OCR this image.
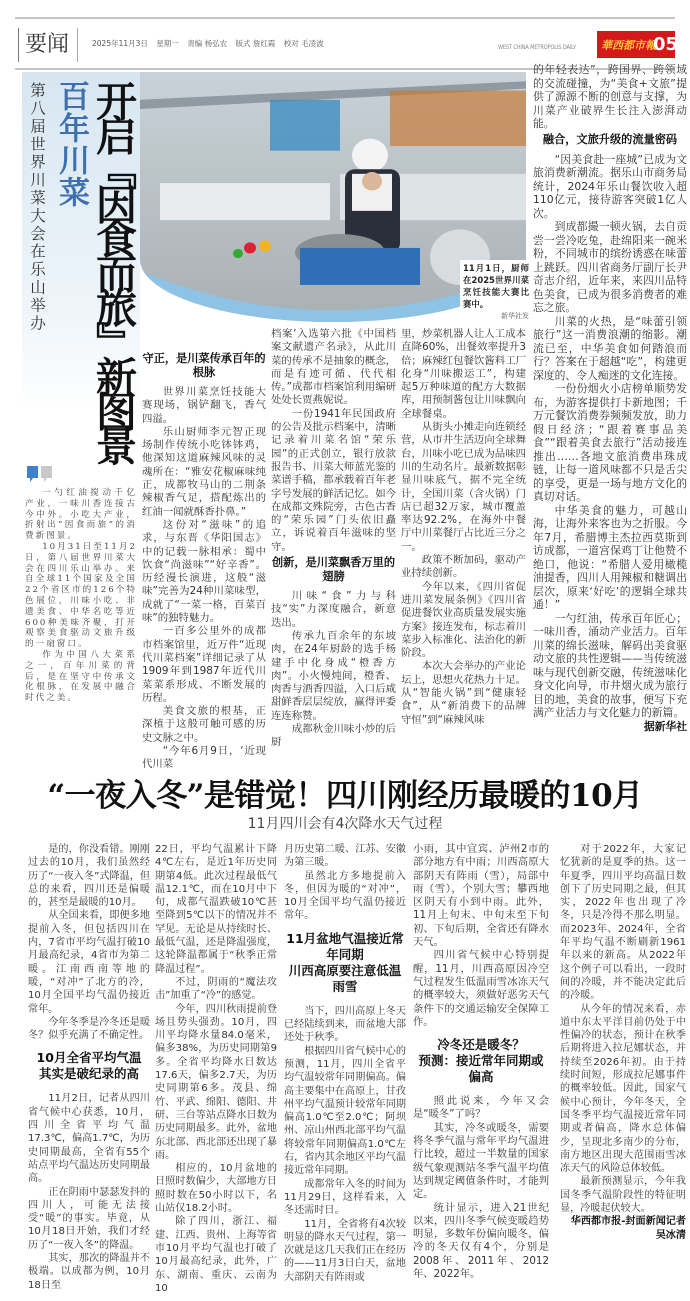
要闻	2025年11月3日 星期一 责编 杨弘农 版式 詹红霞 校对 毛凌波	WEST CHINA METROPOLIS DAILY	華西都市報
05
第八届世界川菜大会在乐山举办 百年川菜 开启『因食而旅』新图景	11月1日，厨师在2025世界川菜烹饪技能大赛比赛中。
新华社发

一勺红油搅动千亿产业，一味川香连接古今中外。小吃大产业，折射出“因食而旅”的消费新图景。

10月31日至11月2日，第八届世界川菜大会在四川乐山举办。来自全球11个国家及全国22个省区市的126个特色展位，川味小吃、非遗美食、中华名吃等近600种美味齐聚，打开观察美食驱动文旅升级的一扇窗口。

作为中国八大菜系之一，百年川菜的背后，是在坚守中传承文化根脉，在发展中融合时代之美。

守正，是川菜传承百年的根脉

世界川菜烹饪技能大赛现场，锅铲翻飞，香气四溢。

乐山厨师李元智正现场制作传统小吃钵钵鸡，他深知这道麻辣风味的灵魂所在：“雅安花椒麻味纯正，成都牧马山的二荆条辣椒香气足，搭配炼出的红油一闻就酥香扑鼻。”

这份对“滋味”的追求，与东晋《华阳国志》中的记载一脉相承：蜀中饮食“尚滋味”“好辛香”。历经漫长演进，这般“滋味”完善为24种川菜味型，成就了“一菜一格，百菜百味”的独特魅力。

一百多公里外的成都市档案馆里，近万件“近现代川菜档案”详细记录了从1909年到1987年近代川菜菜系形成、不断发展的历程。

美食文旅的根基，正深植于这般可触可感的历史文脉之中。

“今年6月9日，‘近现代川菜

档案’入选第六批《中国档案文献遗产名录》，从此川菜的传承不是抽象的概念，而是有迹可循、代代相传。”成都市档案馆利用编研处处长贾燕妮说。

一份1941年民国政府的公告及批示档案中，清晰记录着川菜名馆“荣乐园”的正式创立，银行放款报告书、川菜大师蓝光鉴的菜谱手稿，都承载着百年老字号发展的鲜活记忆。如今在成都文殊院旁，古色古香的“荣乐园”门头依旧矗立，诉说着百年滋味的坚守。

创新，是川菜飘香万里的翅膀

川味“食”力与科技“实”力深度融合，新意迭出。

传承九百余年的东坡肉，在24年厨龄的选手杨建手中化身成“橙香方肉”。小火慢炖间，橙香、肉香与酒香四溢，入口后咸甜鲜香层层绽放，赢得评委连连称赞。

成都秋金川味小炒的后厨

里，炒菜机器人让人工成本直降60%，出餐效率提升3倍；麻辣红包餐饮酱料工厂化身“川味搬运工”，构建起5万种味道的配方大数据库，用预制酱包让川味飘向全球餐桌。

从街头小摊走向连锁经营，从市井生活迈向全球舞台，川味小吃已成为品味四川的生动名片。最新数据彰显川味底气，据不完全统计，全国川菜（含火锅）门店已超32万家，城市覆盖率达92.2%，在海外中餐厅中川菜餐厅占比近三分之一。

政策不断加码，驱动产业持续创新。

今年以来，《四川省促进川菜发展条例》《四川省促进餐饮业高质量发展实施方案》接连发布，标志着川菜步入标准化、法治化的新阶段。

本次大会举办的产业论坛上，思想火花热力十足。从“智能火锅”到“健康轻食”，从“新消费下的品牌守恒”到“麻辣风味

的年轻表达”，跨国界、跨领域的交流碰撞，为“美食+文旅”提供了源源不断的创意与支撑，为川菜产业破界生长注入澎湃动能。

融合，文旅升级的流量密码

“因美食赴一座城”已成为文旅消费新潮流。据乐山市商务局统计，2024年乐山餐饮收入超110亿元，接待游客突破1亿人次。

到成都撮一顿火锅，去自贡尝一尝冷吃兔，赴绵阳来一碗米粉，不同城市的缤纷诱惑在味蕾上跳跃。四川省商务厅副厅长尹奇志介绍，近年来，来四川品特色美食，已成为很多消费者的难忘之旅。

川菜的火热，是“味蕾引领旅行”这一消费浪潮的缩影。潮流已至，中华美食如何踏浪而行？答案在于超越“吃”，构建更深度的、令人痴迷的文化连接。

一份份烟火小店榜单顺势发布，为游客提供打卡新地图；千万元餐饮消费券频频发放，助力假日经济；“跟着赛事品美食”“跟着美食去旅行”活动接连推出……各地文旅消费串珠成链，让每一道风味都不只是舌尖的享受，更是一场与地方文化的真切对话。

中华美食的魅力，可越山海，让海外来客也为之折服。今年7月，希腊博主杰拉西莫斯到访成都，一道宫保鸡丁让他赞不绝口，他说：“希腊人爱用橄榄油提香，四川人用辣椒和糖调出层次，原来‘好吃’的逻辑全球共通！”

一勺红油，传承百年匠心；一味川香，涌动产业活力。百年川菜的绵长滋味，解码出美食驱动文旅的共性逻辑——当传统滋味与现代创新交融，传统滋味化身文化向导，市井烟火成为旅行目的地，美食的故事，便写下充满产业活力与文化魅力的新篇。

据新华社

“一夜入冬”是错觉！四川刚经历最暖的10月
11月四川会有4次降水天气过程

是的，你没看错。刚刚过去的10月，我们虽然经历了“一夜入冬”式降温，但总的来看，四川还是偏暖的，甚至是最暖的10月。

从全国来看，即便多地提前入冬，但包括四川在内，7省市平均气温打破10月最高纪录，4省市为第二暖。江南西南等地的暖，“对冲”了北方的冷，10月全国平均气温仍接近常年。

今年冬季是冷冬还是暖冬？似乎充满了不确定性。

10月全省平均气温
其实是破纪录的高

11月2日，记者从四川省气候中心获悉，10月，四川全省平均气温17.3℃，偏高1.7℃，为历史同期最高，全省有55个站点平均气温达历史同期最高。

正在阴雨中瑟瑟发抖的四川人，可能无法接受“暖”的事实。毕竟，从10月18日开始，我们才经历了“一夜入冬”的降温。

其实，那次的降温并不极端。以成都为例，10月18日至

22日，平均气温累计下降4℃左右，是近1年历史同期第4低。此次过程最低气温12.1℃，而在10月中下旬，成都气温跌破10℃甚至降到5℃以下的情况并不罕见。无论是从持续时长、最低气温，还是降温强度，这轮降温都属于“秋季正常降温过程”。

不过，阴雨的“魔法攻击”加重了“冷”的感觉。

今年，四川秋雨提前登场且势头强劲。10月，四川平均降水量84.0毫米，偏多38%，为历史同期第9多。全省平均降水日数达17.6天，偏多2.7天，为历史同期第6多。茂县、绵竹、平武、绵阳、德阳、井研、三台等站点降水日数为历史同期最多。此外，盆地东北部、西北部还出现了暴雨。

相应的，10月盆地的日照时数偏少，大部地方日照时数在50小时以下，名山站仅18.2小时。

除了四川，浙江、福建、江西、贵州、上海等省市10月平均气温也打破了10月最高纪录，此外，广东、湖南、重庆、云南为10

月历史第二暖、江苏、安徽为第三暖。

虽然北方多地提前入冬，但因为暖的“对冲”，10月全国平均气温仍接近常年。

11月盆地气温接近常年同期
川西高原要注意低温雨雪

当下，四川高原上冬天已经陆续到来，而盆地大部还处于秋季。

根据四川省气候中心的预测，11月，四川全省平均气温较常年同期偏高。偏高主要集中在高原上，甘孜州平均气温预计较常年同期偏高1.0℃至2.0℃；阿坝州、凉山州西北部平均气温将较常年同期偏高1.0℃左右，省内其余地区平均气温接近常年同期。

成都常年入冬的时间为11月29日，这样看来，入冬还需时日。

11月，全省将有4次较明显的降水天气过程，第一次就是这几天我们正在经历的——11月3日白天，盆地大部阴天有阵雨或

小雨，其中宜宾、泸州2市的部分地方有中雨；川西高原大部阴天有阵雨（雪），局部中雨（雪），个别大雪；攀西地区阴天有小到中雨。此外，11月上旬末、中旬末至下旬初、下旬后期，全省还有降水天气。

四川省气候中心特别提醒，11月，川西高原因冷空气过程发生低温雨雪冰冻天气的概率较大，须做好恶劣天气条件下的交通运输安全保障工作。

冷冬还是暖冬？
预测：接近常年同期或偏高

照此说来，今年又会是“暖冬”了吗？

其实，冷冬或暖冬，需要将冬季气温与常年平均气温进行比较，超过一半数量的国家级气象观测站冬季气温平均值达到规定阈值条件时，才能判定。

统计显示，进入21世纪以来，四川冬季气候变暖趋势明显，多数年份偏向暖冬，偏冷的冬天仅有4个，分别是2008年、2011年、2012年、2022年。

对于2022年，大家记忆犹新的是夏季的热。这一年夏季，四川平均高温日数创下了历史同期之最，但其实，2022年也出现了冷冬，只是冷得不那么明显。而2023年、2024年，全省年平均气温不断刷新1961年以来的新高。从2022年这个例子可以看出，一段时间的冷暖，并不能决定此后的冷暖。

从今年的情况来看，赤道中东太平洋目前仍处于中性偏冷的状态，预计在秋季后期将进入拉尼娜状态，并持续至2026年初。由于持续时间短，形成拉尼娜事件的概率较低。因此，国家气候中心预计，今年冬天，全国冬季平均气温接近常年同期或者偏高，降水总体偏少，呈现北多南少的分布，南方地区出现大范围雨雪冰冻天气的风险总体较低。

最新预测显示，今年我国冬季气温阶段性的特征明显，冷暖起伏较大。

华西都市报-封面新闻记者 吴冰清
